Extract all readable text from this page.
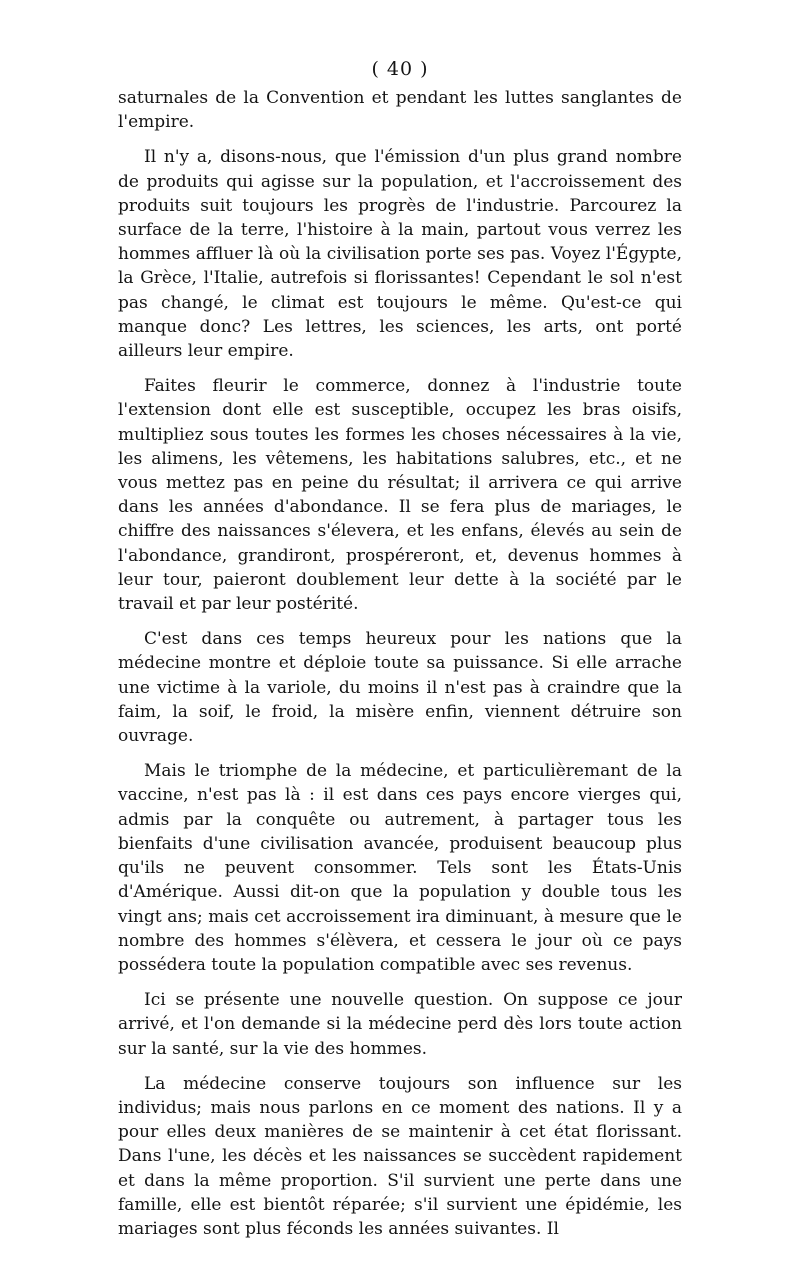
( 40 )

saturnales de la Convention et pendant les luttes sanglantes de l'empire.

Il n'y a, disons-nous, que l'émission d'un plus grand nombre de produits qui agisse sur la population, et l'accroissement des produits suit toujours les progrès de l'industrie. Parcourez la surface de la terre, l'histoire à la main, partout vous verrez les hommes affluer là où la civilisation porte ses pas. Voyez l'Égypte, la Grèce, l'Italie, autrefois si florissantes! Cependant le sol n'est pas changé, le climat est toujours le même. Qu'est-ce qui manque donc? Les lettres, les sciences, les arts, ont porté ailleurs leur empire.

Faites fleurir le commerce, donnez à l'industrie toute l'extension dont elle est susceptible, occupez les bras oisifs, multipliez sous toutes les formes les choses nécessaires à la vie, les alimens, les vêtemens, les habitations salubres, etc., et ne vous mettez pas en peine du résultat; il arrivera ce qui arrive dans les années d'abondance. Il se fera plus de mariages, le chiffre des naissances s'élevera, et les enfans, élevés au sein de l'abondance, grandiront, prospéreront, et, devenus hommes à leur tour, paieront doublement leur dette à la société par le travail et par leur postérité.

C'est dans ces temps heureux pour les nations que la médecine montre et déploie toute sa puissance. Si elle arrache une victime à la variole, du moins il n'est pas à craindre que la faim, la soif, le froid, la misère enfin, viennent détruire son ouvrage.

Mais le triomphe de la médecine, et particulièremant de la vaccine, n'est pas là : il est dans ces pays encore vierges qui, admis par la conquête ou autrement, à partager tous les bienfaits d'une civilisation avancée, produisent beaucoup plus qu'ils ne peuvent consommer. Tels sont les États-Unis d'Amérique. Aussi dit-on que la population y double tous les vingt ans; mais cet accroissement ira diminuant, à mesure que le nombre des hommes s'élèvera, et cessera le jour où ce pays possédera toute la population compatible avec ses revenus.

Ici se présente une nouvelle question. On suppose ce jour arrivé, et l'on demande si la médecine perd dès lors toute action sur la santé, sur la vie des hommes.

La médecine conserve toujours son influence sur les individus; mais nous parlons en ce moment des nations. Il y a pour elles deux manières de se maintenir à cet état florissant. Dans l'une, les décès et les naissances se succèdent rapidement et dans la même proportion. S'il survient une perte dans une famille, elle est bientôt réparée; s'il survient une épidémie, les mariages sont plus féconds les années suivantes. Il
